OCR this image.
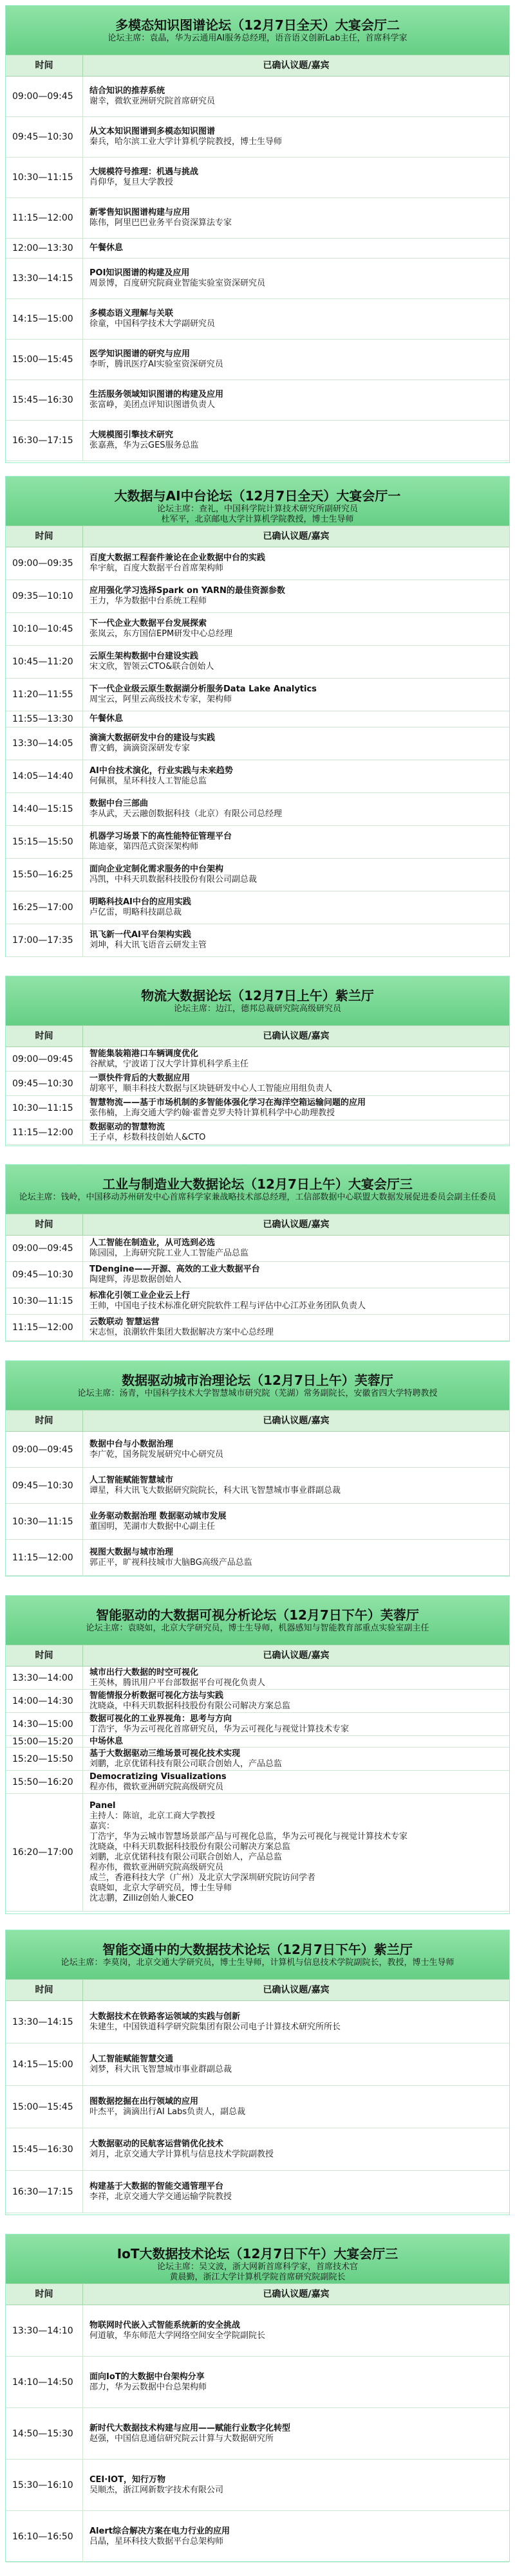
多模态知识图谱论坛（12月7日全天）大宴会厅二
论坛主席：袁晶，华为云通用AI服务总经理，语音语义创新Lab主任，首席科学家
时间	已确认议题/嘉宾
09:00—09:45
结合知识的推荐系统
谢幸，微软亚洲研究院首席研究员
09:45—10:30
从文本知识图谱到多模态知识图谱
秦兵，哈尔滨工业大学计算机学院教授，博士生导师
10:30—11:15
大规模符号推理：机遇与挑战
肖仰华，复旦大学教授
11:15—12:00
新零售知识图谱构建与应用
陈伟，阿里巴巴业务平台资深算法专家
12:00—13:30	午餐休息
13:30—14:15
POI知识图谱的构建及应用
周景博，百度研究院商业智能实验室资深研究员
14:15—15:00
多模态语义理解与关联
徐童，中国科学技术大学副研究员
15:00—15:45
医学知识图谱的研究与应用
李昕，腾讯医疗AI实验室资深研究员
15:45—16:30
生活服务领域知识图谱的构建及应用
张富峥，美团点评知识图谱负责人
16:30—17:15
大规模图引擎技术研究
张嘉燕，华为云GES服务总监
大数据与AI中台论坛（12月7日全天）大宴会厅一
论坛主席：查礼，中国科学院计算技术研究所副研究员
杜军平，北京邮电大学计算机学院教授，博士生导师
时间	已确认议题/嘉宾
09:00—09:35
百度大数据工程套件兼论在企业数据中台的实践
牟宇航，百度大数据平台首席架构师
09:35—10:10
应用强化学习选择Spark on YARN的最佳资源参数
王力，华为数据中台系统工程师
10:10—10:45
下一代企业大数据平台发展探索
张岚云，东方国信EPM研发中心总经理
10:45—11:20
云原生架构数据中台建设实践
宋文欣，智领云CTO&联合创始人
11:20—11:55
下一代企业级云原生数据湖分析服务Data Lake Analytics
周宝云，阿里云高级技术专家，架构师
11:55—13:30	午餐休息
13:30—14:05
滴滴大数据研发中台的建设与实践
曹文鹤，滴滴资深研发专家
14:05—14:40
AI中台技术演化，行业实践与未来趋势
何佩祺，星环科技人工智能总监
14:40—15:15
数据中台三部曲
李从武，天云融创数据科技（北京）有限公司总经理
15:15—15:50
机器学习场景下的高性能特征管理平台
陈迪豪，第四范式资深架构师
15:50—16:25
面向企业定制化需求服务的中台架构
冯凯，中科天玑数据科技股份有限公司副总裁
16:25—17:00
明略科技AI中台的应用实践
卢亿雷，明略科技副总裁
17:00—17:35
讯飞新一代AI平台架构实践
刘坤，科大讯飞语音云研发主管
物流大数据论坛（12月7日上午）紫兰厅
论坛主席：边江，德邦总裁研究院高级研究员
时间	已确认议题/嘉宾
09:00—09:45
智能集装箱港口车辆调度优化
谷猷斌，宁波诺丁汉大学计算机科学系主任
09:45—10:30
一票快件背后的大数据应用
胡寒平，顺丰科技大数据与区块链研发中心人工智能应用组负责人
10:30—11:15
智慧物流——基于市场机制的多智能体强化学习在海洋空箱运输问题的应用
张伟楠，上海交通大学约翰·霍普克罗夫特计算机科学中心助理教授
11:15—12:00
数据驱动的智慧物流
王子卓，杉数科技创始人&CTO
工业与制造业大数据论坛（12月7日上午）大宴会厅三
论坛主席：钱岭，中国移动苏州研发中心首席科学家兼战略技术部总经理，工信部数据中心联盟大数据发展促进委员会副主任委员
时间	已确认议题/嘉宾
09:00—09:45
人工智能在制造业，从可选到必选
陈园园，上海研究院工业人工智能产品总监
09:45—10:30
TDengine——开源、高效的工业大数据平台
陶建辉，涛思数据创始人
10:30—11:15
标准化引领工业企业云上行
王帅，中国电子技术标准化研究院软件工程与评估中心江苏业务团队负责人
11:15—12:00
云数联动 智慧运营
宋志恒，浪潮软件集团大数据解决方案中心总经理
数据驱动城市治理论坛（12月7日上午）芙蓉厅
论坛主席：汤青，中国科学技术大学智慧城市研究院（芜湖）常务副院长，安徽省四大学特聘教授
时间	已确认议题/嘉宾
09:00—09:45
数据中台与小数据治理
李广乾，国务院发展研究中心研究员
09:45—10:30
人工智能赋能智慧城市
谭星，科大讯飞大数据研究院院长，科大讯飞智慧城市事业群副总裁
10:30—11:15
业务驱动数据治理 数据驱动城市发展
董国明，芜湖市大数据中心副主任
11:15—12:00
视图大数据与城市治理
郭正平，旷视科技城市大脑BG高级产品总监
智能驱动的大数据可视分析论坛（12月7日下午）芙蓉厅
论坛主席：袁晓如，北京大学研究员，博士生导师，机器感知与智能教育部重点实验室副主任
时间	已确认议题/嘉宾
13:30—14:00
城市出行大数据的时空可视化
王英林，腾讯用户平台部数据平台可视化负责人
14:00—14:30
智能情报分析数据可视化方法与实践
沈晓焱，中科天玑数据科技股份有限公司解决方案总监
14:30—15:00
数据可视化的工业界视角：思考与方向
丁浩宇，华为云可视化首席研究员，华为云可视化与视觉计算技术专家
15:00—15:20	中场休息
15:20—15:50
基于大数据驱动三维场景可视化技术实现
刘鹏，北京优锘科技有限公司联合创始人，产品总监
15:50—16:20
Democratizing Visualizations
程亦伟，微软亚洲研究院高级研究员
16:20—17:00
Panel
主持人：陈谊，北京工商大学教授
嘉宾：
丁浩宇，华为云城市智慧场景部产品与可视化总监，华为云可视化与视觉计算技术专家
沈晓焱，中科天玑数据科技股份有限公司解决方案总监
刘鹏，北京优锘科技有限公司联合创始人，产品总监
程亦伟，微软亚洲研究院高级研究员
成兰，香港科技大学（广州）及北京大学深圳研究院访问学者
袁晓如，北京大学研究员，博士生导师
沈志鹏，Zilliz创始人兼CEO
智能交通中的大数据技术论坛（12月7日下午）紫兰厅
论坛主席：李莫岗，北京交通大学研究员，博士生导师，计算机与信息技术学院副院长，教授，博士生导师
时间	已确认议题/嘉宾
13:30—14:15
大数据技术在铁路客运领域的实践与创新
朱建生，中国铁道科学研究院集团有限公司电子计算技术研究所所长
14:15—15:00
人工智能赋能智慧交通
刘梦，科大讯飞智慧城市事业群副总裁
15:00—15:45
图数据挖掘在出行领域的应用
叶杰平，滴滴出行AI Labs负责人，副总裁
15:45—16:30
大数据驱动的民航客运营销优化技术
刘月，北京交通大学计算机与信息技术学院副教授
16:30—17:15
构建基于大数据的智能交通管理平台
李祥，北京交通大学交通运输学院教授
IoT大数据技术论坛（12月7日下午）大宴会厅三
论坛主席：吴文波，浙大网新首席科学家，首席技术官
黄晨勤，浙江大学计算机学院首席研究院副院长
时间	已确认议题/嘉宾
13:30—14:10
物联网时代嵌入式智能系统新的安全挑战
何道敏，华东师范大学网络空间安全学院副院长
14:10—14:50
面向IoT的大数据中台架构分享
邵力，华为云数据中台总架构师
14:50—15:30
新时代大数据技术构建与应用——赋能行业数字化转型
赵强，中国信息通信研究院云计算与大数据研究所
15:30—16:10
CEI·IOT，知行万物
吴顺杰，浙江网新数字技术有限公司
16:10—16:50
Alert综合解决方案在电力行业的应用
吕晶，星环科技大数据平台总架构师
